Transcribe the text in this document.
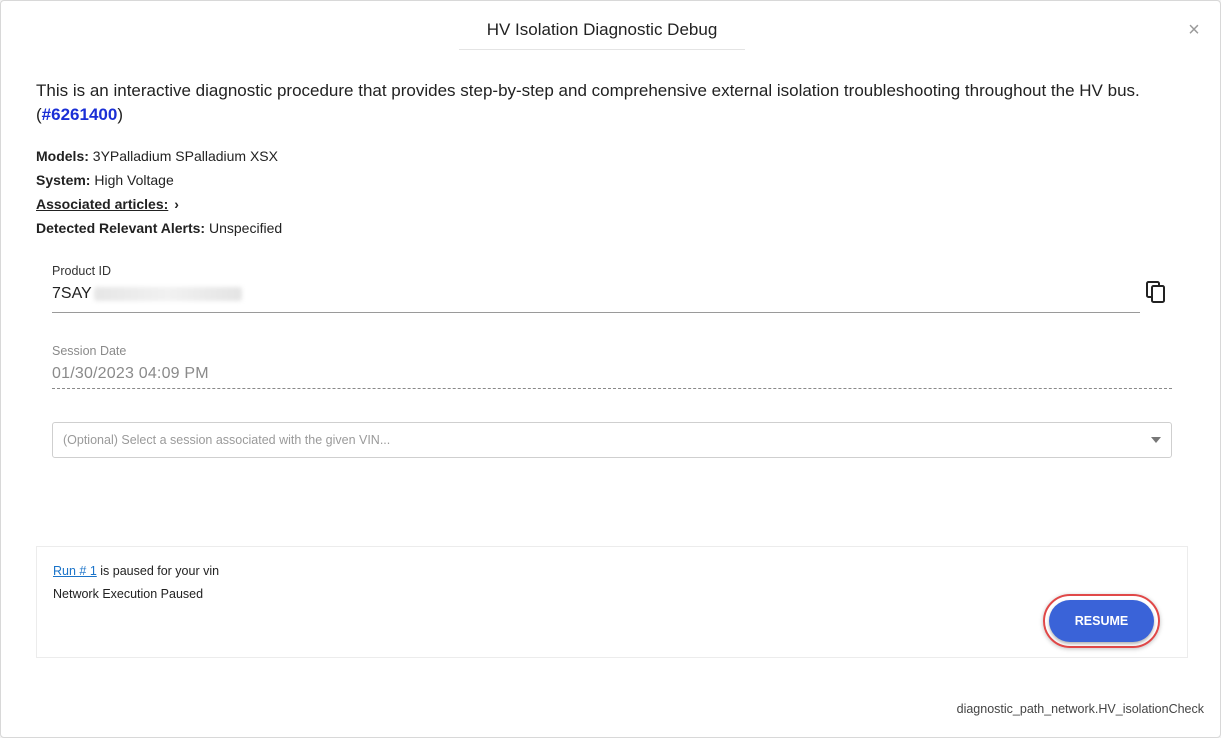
HV Isolation Diagnostic Debug	×
This is an interactive diagnostic procedure that provides step-by-step and comprehensive external isolation troubleshooting throughout the HV bus. (#6261400)
Models: 3YPalladium SPalladium XSX
System: High Voltage
Associated articles: ›
Detected Relevant Alerts: Unspecified
Product ID
7SAY
Session Date
01/30/2023 04:09 PM
(Optional) Select a session associated with the given VIN...
Run # 1 is paused for your vin
Network Execution Paused
RESUME
diagnostic_path_network.HV_isolationCheck
